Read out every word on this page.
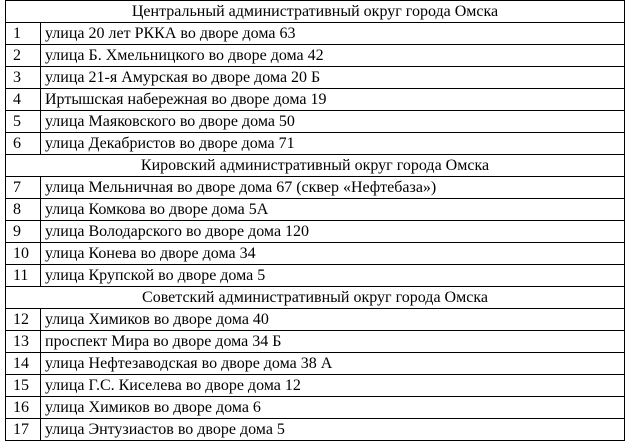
Центральный административный округ города Омска	
1	улица 20 лет РККА во дворе дома 63
2	улица Б. Хмельницкого во дворе дома 42
3	улица 21-я Амурская во дворе дома 20 Б
4	Иртышская набережная во дворе дома 19
5	улица Маяковского во дворе дома 50
6	улица Декабристов во дворе дома 71
Кировский административный округ города Омска	
7	улица Мельничная во дворе дома 67 (сквер «Нефтебаза»)
8	улица Комкова во дворе дома 5А
9	улица Володарского во дворе дома 120
10	улица Конева во дворе дома 34
11	улица Крупской во дворе дома 5
Советский административный округ города Омска	
12	улица Химиков во дворе дома 40
13	проспект Мира во дворе дома 34 Б
14	улица Нефтезаводская во дворе дома 38 А
15	улица Г.С. Киселева во дворе дома 12
16	улица Химиков во дворе дома 6
17	улица Энтузиастов во дворе дома 5
